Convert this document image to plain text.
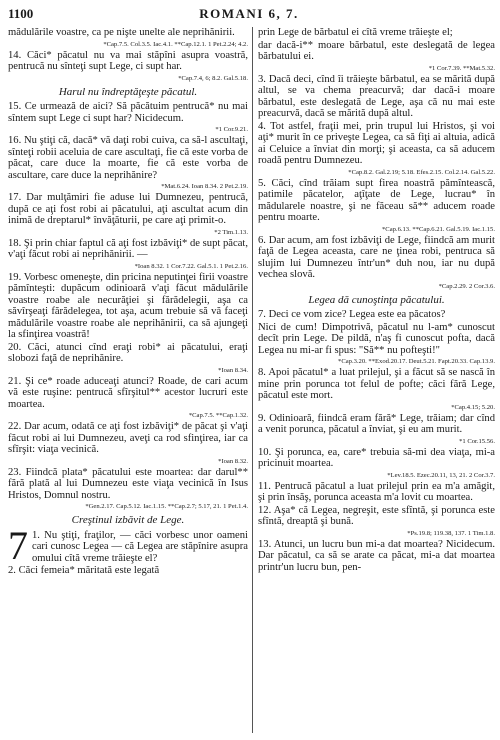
1100	ROMANI 6, 7.

mădulările voastre, ca pe nişte unelte ale neprihănirii.

*Cap.7.5. Col.3.5. Iac.4.1. **Cap.12.1. 1 Pet.2.24; 4.2.

14. Căci* păcatul nu va mai stăpîni asupra voastră, pentrucă nu sînteţi supt Lege, ci supt har.

*Cap.7.4, 6; 8.2. Gal.5.18.

Harul nu îndreptăţeşte păcatul.

15. Ce urmează de aici? Să păcătuim pentrucă* nu mai sîntem supt Lege ci supt har? Nicidecum.

*1 Cor.9.21.

16. Nu ştiţi că, dacă* vă daţi robi cuiva, ca să-l ascultaţi, sînteţi robii aceluia de care ascultaţi, fie că este vorba de păcat, care duce la moarte, fie că este vorba de ascultare, care duce la neprihănire?

*Mat.6.24. Ioan 8.34. 2 Pet.2.19.

17. Dar mulţămiri fie aduse lui Dumnezeu, pentrucă, după ce aţi fost robi ai păcatului, aţi ascultat acum din inimă de dreptarul* învăţăturii, pe care aţi primit-o.

*2 Tim.1.13.

18. Şi prin chiar faptul că aţi fost izbăviţi* de supt păcat, v'aţi făcut robi ai neprihănirii. —

*Ioan 8.32. 1 Cor.7.22. Gal.5.1. 1 Pet.2.16.

19. Vorbesc omeneşte, din pricina neputinţei firii voastre pămînteşti: dupăcum odinioară v'aţi făcut mădulările voastre roabe ale necurăţiei şi fărădelegii, aşa ca săvîrşeaţi fărădelegea, tot aşa, acum trebuie să vă faceţi mădulările voastre roabe ale neprihănirii, ca să ajungeţi la sfinţirea voastră!

20. Căci, atunci cînd eraţi robi* ai păcatului, eraţi slobozi faţă de neprihănire.

*Ioan 8.34.

21. Şi ce* roade aduceaţi atunci? Roade, de cari acum vă este ruşine: pentrucă sfîrşitul** acestor lucruri este moartea.

*Cap.7.5. **Cap.1.32.

22. Dar acum, odată ce aţi fost izbăviţi* de păcat şi v'aţi făcut robi ai lui Dumnezeu, aveţi ca rod sfinţirea, iar ca sfîrşit: viaţa vecinică.

*Ioan 8.32.

23. Fiindcă plata* păcatului este moartea: dar darul** fără plată al lui Dumnezeu este viaţa vecinică în Isus Hristos, Domnul nostru.

*Gen.2.17. Cap.5.12. Iac.1.15. **Cap.2.7; 5.17, 21. 1 Pet.1.4.

Creştinul izbăvit de Lege.

7 1. Nu ştiţi, fraţilor, — căci vorbesc unor oameni cari cunosc Legea — că Legea are stăpînire asupra omului cîtă vreme trăieşte el?

2. Căci femeia* măritată este legată

prin Lege de bărbatul ei cîtă vreme trăieşte el;

dar dacă-i** moare bărbatul, este deslegată de legea bărbatului ei.

*1 Cor.7.39. **Mat.5.32.

3. Dacă deci, cînd îi trăieşte bărbatul, ea se mărită după altul, se va chema preacurvă; dar dacă-i moare bărbatul, este deslegată de Lege, aşa că nu mai este preacurvă, dacă se mărită după altul.

4. Tot astfel, fraţii mei, prin trupul lui Hristos, şi voi aţi* murit în ce priveşte Legea, ca să fiţi ai altuia, adică ai Celuice a înviat din morţi; şi aceasta, ca să aducem roadă pentru Dumnezeu.

*Cap.8.2. Gal.2.19; 5.18. Efes.2.15. Col.2.14. Gal.5.22.

5. Căci, cînd trăiam supt firea noastră pămîntească, patimile păcatelor, aţîţate de Lege, lucrau* în mădularele noastre, şi ne făceau să** aducem roade pentru moarte.

*Cap.6.13. **Cap.6.21. Gal.5.19. Iac.1.15.

6. Dar acum, am fost izbăviţi de Lege, fiindcă am murit faţă de Legea aceasta, care ne ţinea robi, pentruca să slujim lui Dumnezeu într'un* duh nou, iar nu după vechea slovă.

*Cap.2.29. 2 Cor.3.6.

Legea dă cunoştinţa păcatului.

7. Deci ce vom zice? Legea este ea păcatos?

Nici de cum! Dimpotrivă, păcatul nu l-am* cunoscut decît prin Lege. De pildă, n'aş fi cunoscut pofta, dacă Legea nu mi-ar fi spus: "Să** nu pofteşti!"

*Cap.3.20. **Exod.20.17. Deut.5.21. Fapt.20.33. Cap.13.9.

8. Apoi păcatul* a luat prilejul, şi a făcut să se nască în mine prin porunca tot felul de pofte; căci fără Lege, păcatul este mort.

*Cap.4.15; 5.20.

9. Odinioară, fiindcă eram fără* Lege, trăiam; dar cînd a venit porunca, păcatul a înviat, şi eu am murit.

*1 Cor.15.56.

10. Şi porunca, ea, care* trebuia să-mi dea viaţa, mi-a pricinuit moartea.

*Lev.18.5. Ezec.20.11, 13, 21. 2 Cor.3.7.

11. Pentrucă păcatul a luat prilejul prin ea m'a amăgit, şi prin însăş, porunca aceasta m'a lovit cu moartea.

12. Aşa* că Legea, negreşit, este sfîntă, şi porunca este sfîntă, dreaptă şi bună.

*Ps.19.8; 119.38, 137. 1 Tim.1.8.

13. Atunci, un lucru bun mi-a dat moartea? Nicidecum. Dar păcatul, ca să se arate ca păcat, mi-a dat moartea printr'un lucru bun, pen-
